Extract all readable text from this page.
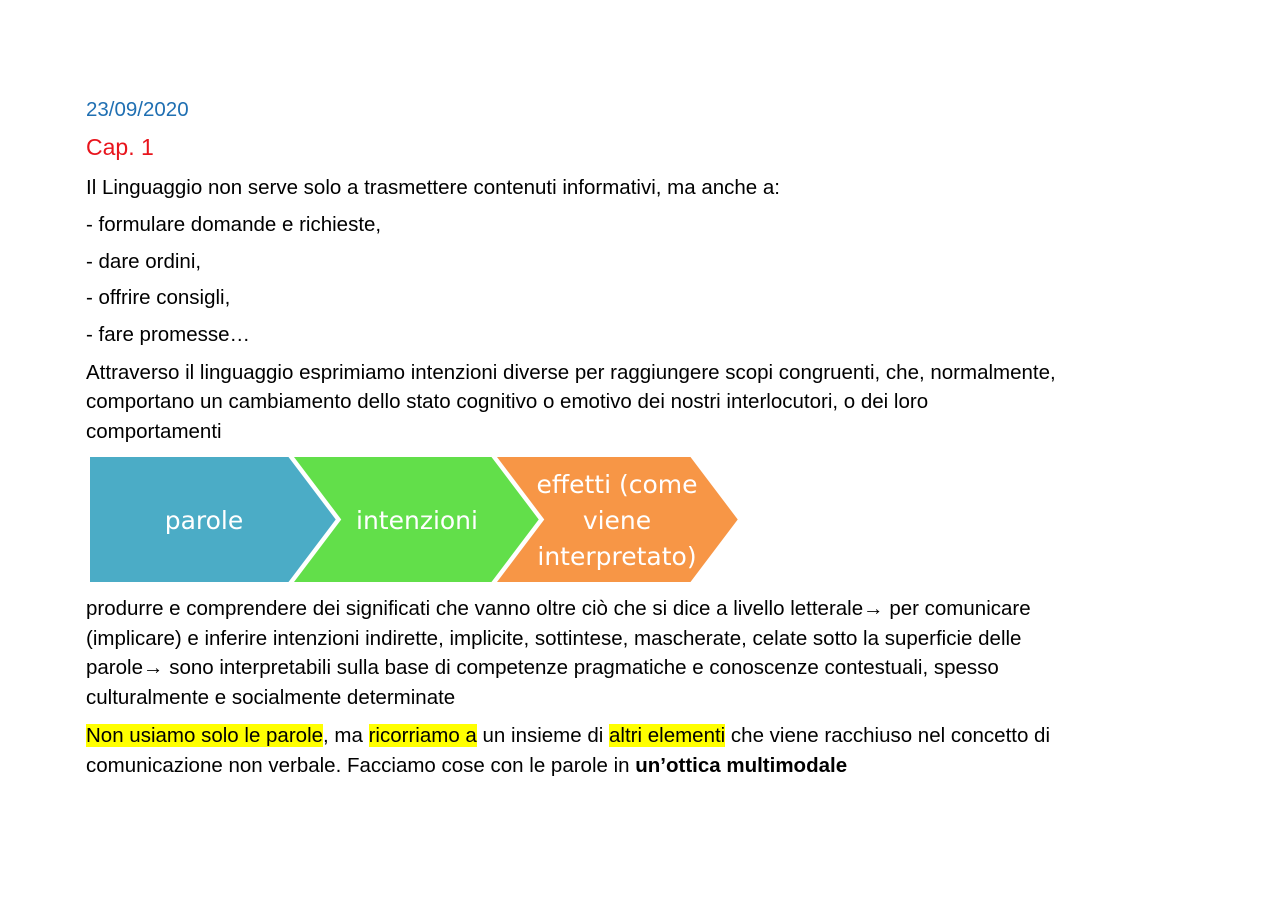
23/09/2020
Cap. 1
Il Linguaggio non serve solo a trasmettere contenuti informativi, ma anche a:
- formulare domande e richieste,
- dare ordini,
- offrire consigli,
- fare promesse…
Attraverso il linguaggio esprimiamo intenzioni diverse per raggiungere scopi congruenti, che, normalmente,
comportano un cambiamento dello stato cognitivo o emotivo dei nostri interlocutori, o dei loro
comportamenti
produrre e comprendere dei significati che vanno oltre ciò che si dice a livello letterale→ per comunicare
(implicare) e inferire intenzioni indirette, implicite, sottintese, mascherate, celate sotto la superficie delle
parole→ sono interpretabili sulla base di competenze pragmatiche e conoscenze contestuali, spesso
culturalmente e socialmente determinate
Non usiamo solo le parole, ma ricorriamo a un insieme di altri elementi che viene racchiuso nel concetto di
comunicazione non verbale. Facciamo cose con le parole in un’ottica multimodale
parole	intenzioni
effetti (come viene interpretato)
